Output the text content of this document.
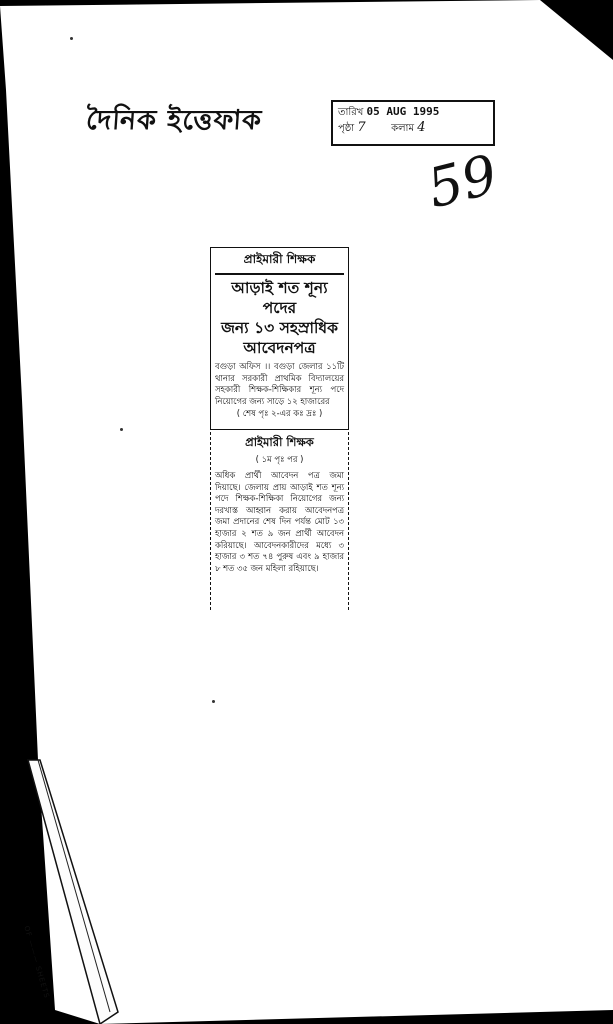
দৈনিক ইত্তেফাক	তারিখ 05 AUG 1995
পৃষ্ঠা 7	কলাম 4
59
প্রাইমারী শিক্ষক
আড়াই শত শূন্য পদের
জন্য ১৩ সহস্রাধিক
আবেদনপত্র
বগুড়া অফিস ।। বগুড়া জেলার ১১টি থানার সরকারী প্রাথমিক বিদ্যালয়ের সহকারী শিক্ষক-শিক্ষিকার শূন্য পদে নিয়োগের জন্য সাড়ে ১২ হাজারের
( শেষ পৃঃ ২-এর কঃ দ্রঃ )
প্রাইমারী শিক্ষক
( ১ম পৃঃ পর )
অধিক প্রার্থী আবেদন পত্র জমা দিয়াছে। জেলায় প্রায় আড়াই শত শূন্য পদে শিক্ষক-শিক্ষিকা নিয়োগের জন্য দরখাস্ত আহ্বান করায় আবেদনপত্র জমা প্রদানের শেষ দিন পর্যন্ত মোট ১৩ হাজার ২ শত ৯ জন প্রার্থী আবেদন করিয়াছে। আবেদনকারীদের মধ্যে ৩ হাজার ৩ শত ৭৪ পুরুষ এবং ৯ হাজার ৮ শত ৩৫ জন মহিলা রহিয়াছে।
OF ——— SHEETS
